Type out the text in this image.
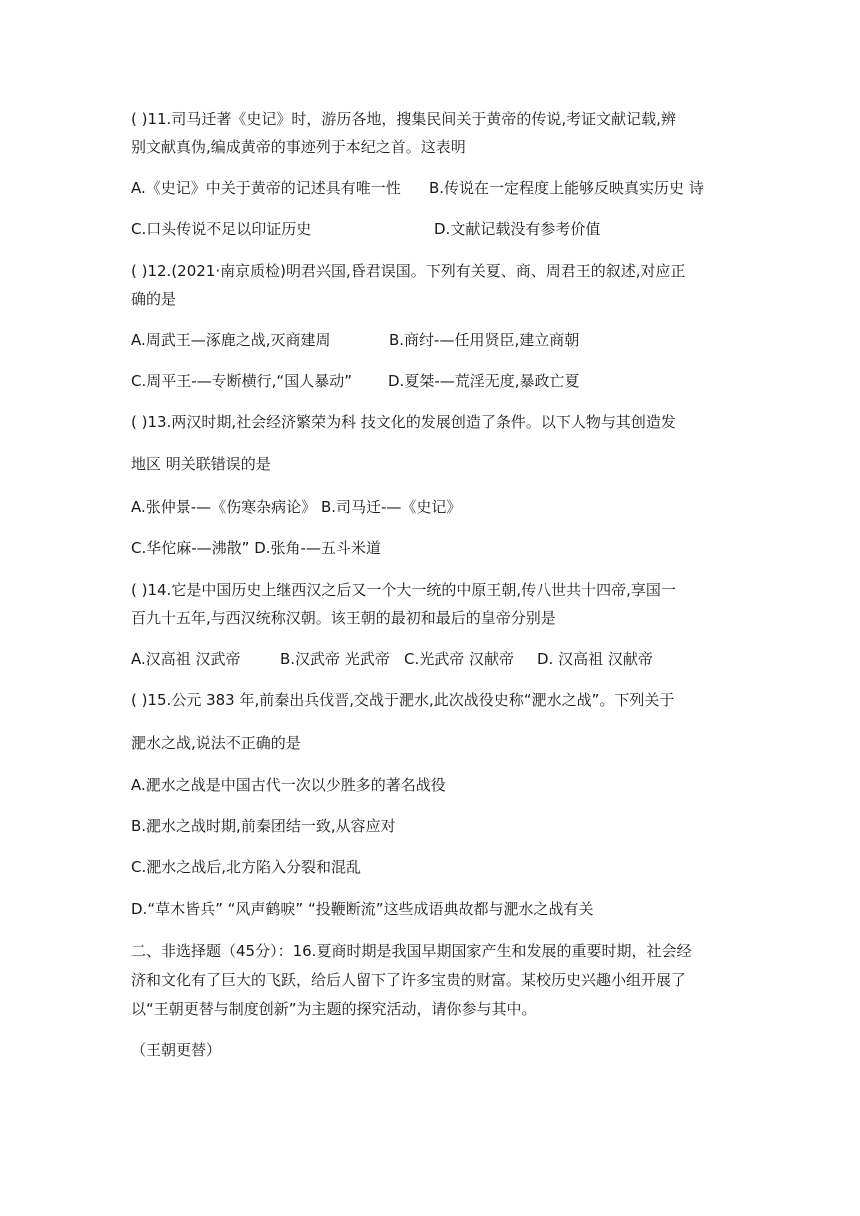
( )11.司马迁著《史记》时，游历各地，搜集民间关于黄帝的传说,考证文献记载,辨
别文献真伪,编成黄帝的事迹列于本纪之首。这表明
A.《史记》中关于黄帝的记述具有唯一性 B.传说在一定程度上能够反映真实历史 诗
C.口头传说不足以印证历史	D.文献记载没有参考价值
( )12.(2021·南京质检)明君兴国,昏君误国。下列有关夏、商、周君王的叙述,对应正
确的是
A.周武王—涿鹿之战,灭商建周	B.商纣-—任用贤臣,建立商朝
C.周平王-—专断横行,“国人暴动” D.夏桀-—荒淫无度,暴政亡夏
( )13.两汉时期,社会经济繁荣为科 技文化的发展创造了条件。以下人物与其创造发
地区 明关联错误的是
A.张仲景-—《伤寒杂病论》 B.司马迁-—《史记》
C.华佗麻-—沸散” D.张角-—五斗米道
( )14.它是中国历史上继西汉之后又一个大一统的中原王朝,传八世共十四帝,享国一
百九十五年,与西汉统称汉朝。该王朝的最初和最后的皇帝分别是
A.汉高祖 汉武帝	B.汉武帝 光武帝 C.光武帝 汉献帝 D. 汉高祖 汉献帝
( )15.公元 383 年,前秦出兵伐晋,交战于淝水,此次战役史称“淝水之战”。下列关于
淝水之战,说法不正确的是
A.淝水之战是中国古代一次以少胜多的著名战役
B.淝水之战时期,前秦团结一致,从容应对
C.淝水之战后,北方陷入分裂和混乱
D.“草木皆兵” “风声鹤唳” “投鞭断流”这些成语典故都与淝水之战有关
二、非选择题（45分）：16.夏商时期是我国早期国家产生和发展的重要时期，社会经
济和文化有了巨大的飞跃，给后人留下了许多宝贵的财富。某校历史兴趣小组开展了
以“王朝更替与制度创新”为主题的探究活动，请你参与其中。
（王朝更替）
